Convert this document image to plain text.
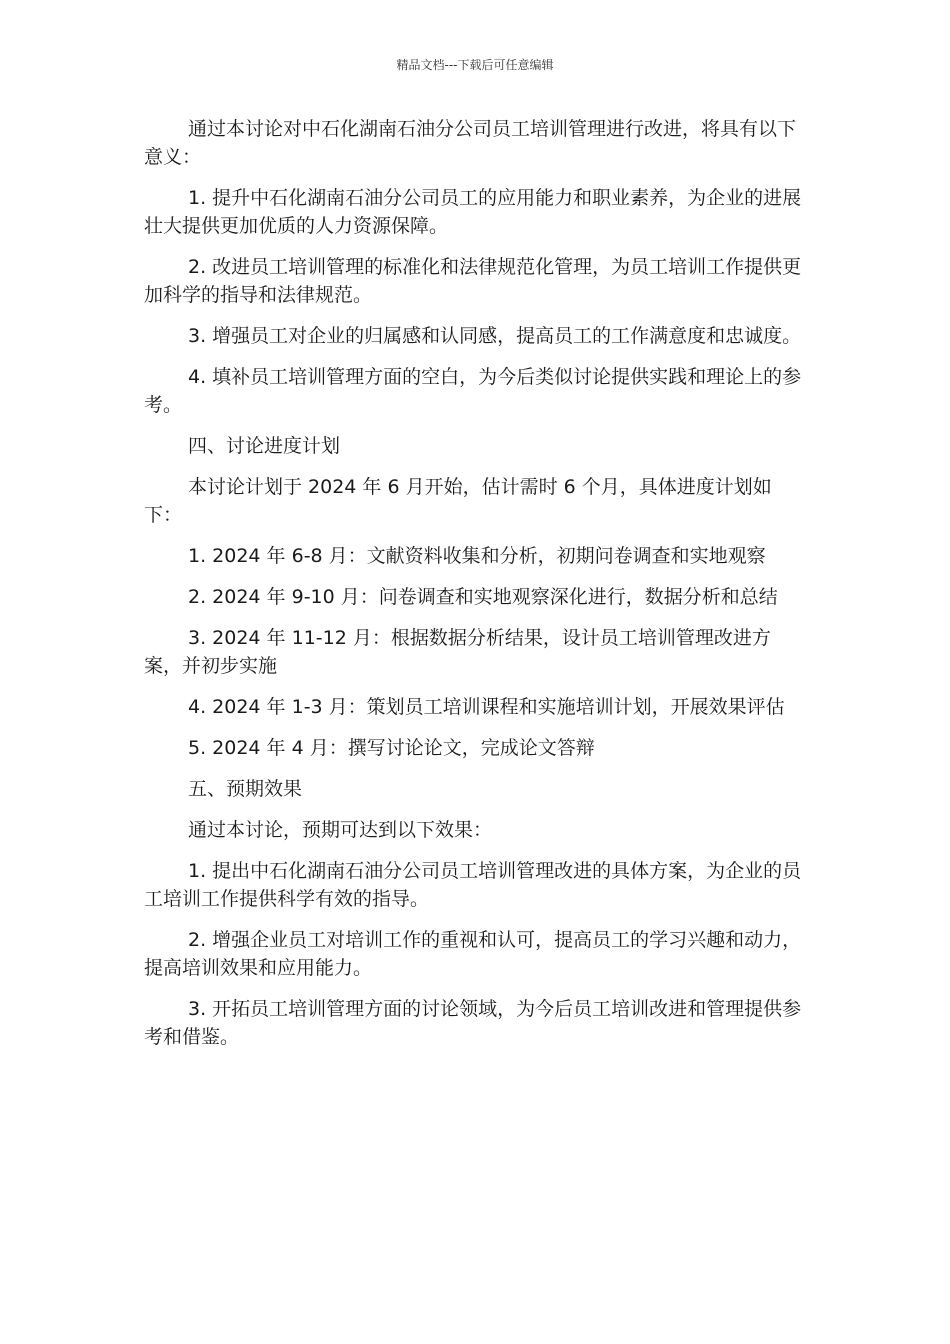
精品文档---下载后可任意编辑

通过本讨论对中石化湖南石油分公司员工培训管理进行改进，将具有以下意义：

1. 提升中石化湖南石油分公司员工的应用能力和职业素养，为企业的进展壮大提供更加优质的人力资源保障。

2. 改进员工培训管理的标准化和法律规范化管理，为员工培训工作提供更加科学的指导和法律规范。

3. 增强员工对企业的归属感和认同感，提高员工的工作满意度和忠诚度。

4. 填补员工培训管理方面的空白，为今后类似讨论提供实践和理论上的参考。

四、讨论进度计划

本讨论计划于 2024 年 6 月开始，估计需时 6 个月，具体进度计划如下：

1. 2024 年 6-8 月：文献资料收集和分析，初期问卷调查和实地观察

2. 2024 年 9-10 月：问卷调查和实地观察深化进行，数据分析和总结

3. 2024 年 11-12 月：根据数据分析结果，设计员工培训管理改进方案，并初步实施

4. 2024 年 1-3 月：策划员工培训课程和实施培训计划，开展效果评估

5. 2024 年 4 月：撰写讨论论文，完成论文答辩

五、预期效果

通过本讨论，预期可达到以下效果：

1. 提出中石化湖南石油分公司员工培训管理改进的具体方案，为企业的员工培训工作提供科学有效的指导。

2. 增强企业员工对培训工作的重视和认可，提高员工的学习兴趣和动力，提高培训效果和应用能力。

3. 开拓员工培训管理方面的讨论领域，为今后员工培训改进和管理提供参考和借鉴。
